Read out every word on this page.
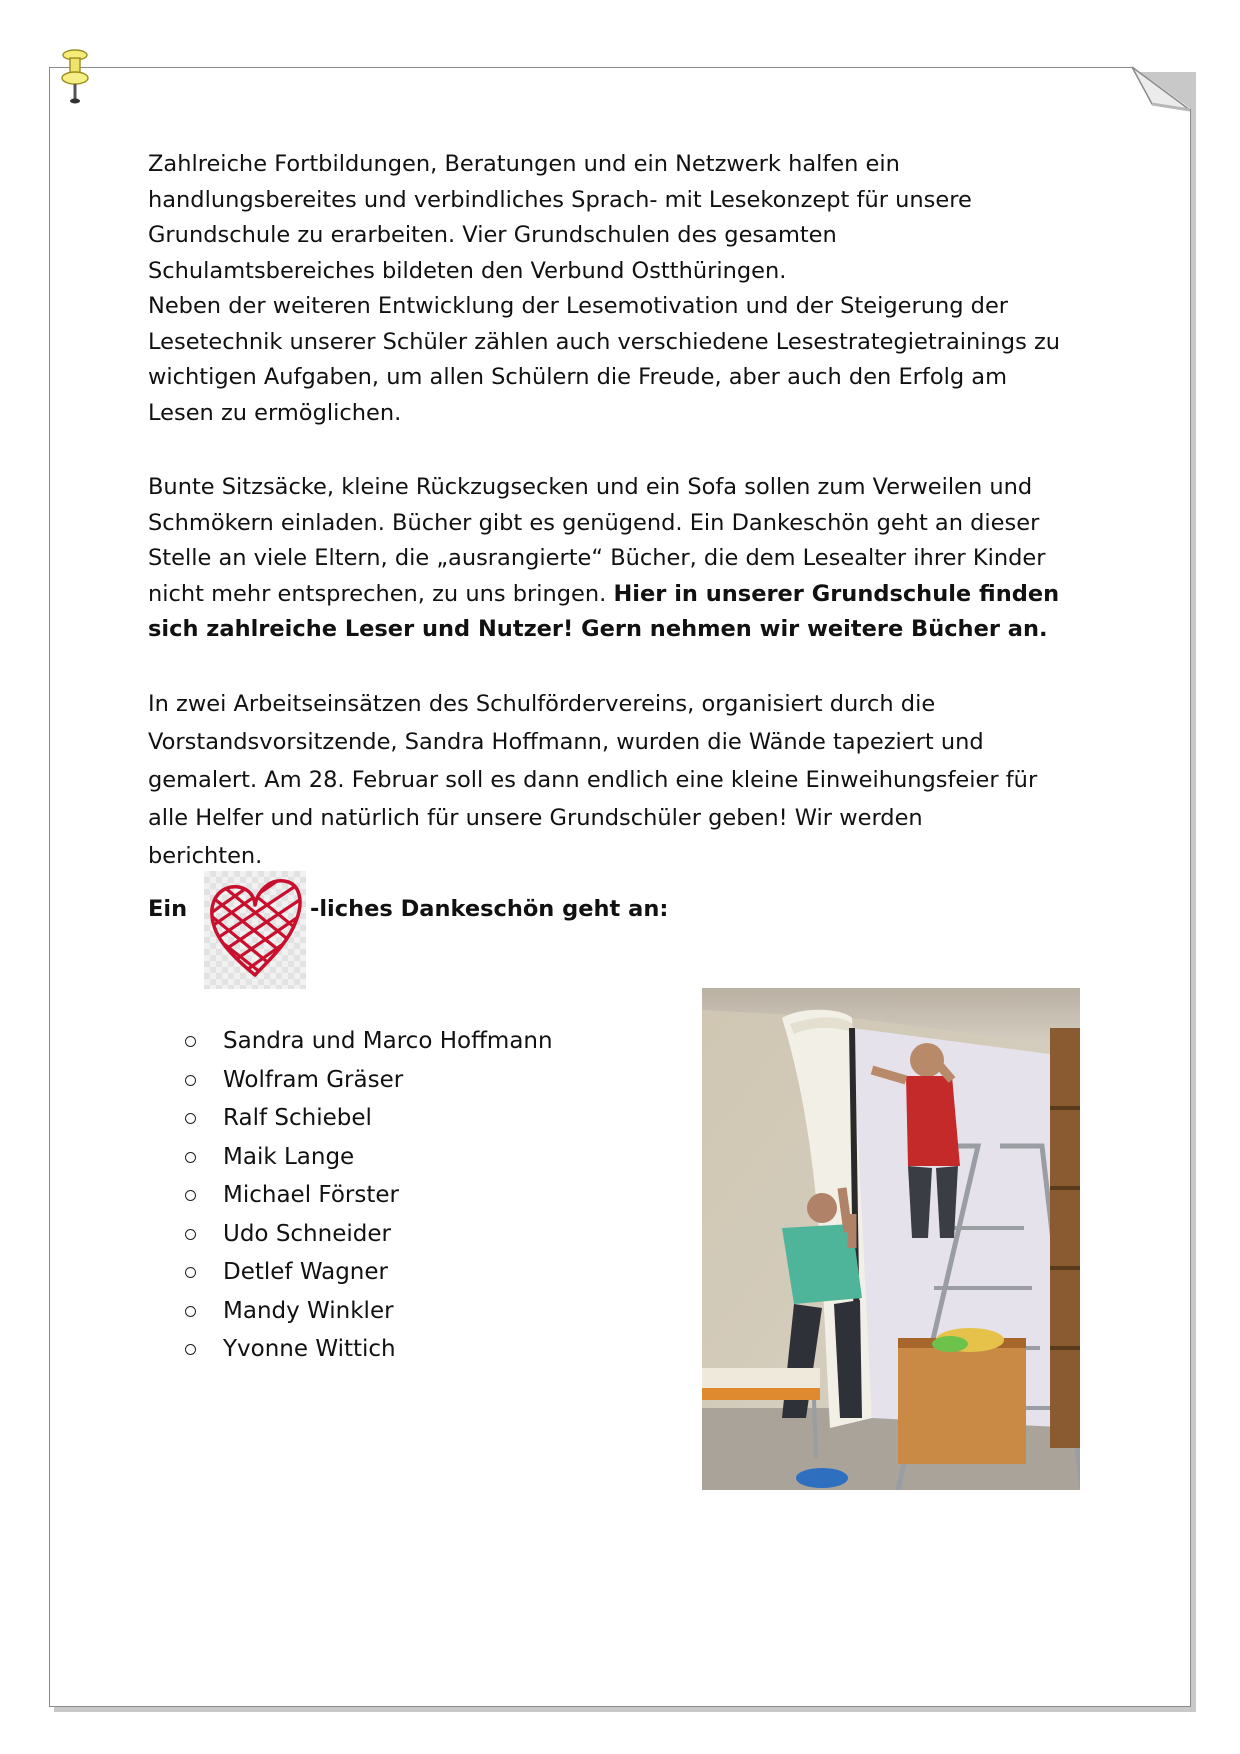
Zahlreiche Fortbildungen, Beratungen und ein Netzwerk halfen ein

handlungsbereites und verbindliches Sprach- mit Lesekonzept für unsere

Grundschule zu erarbeiten. Vier Grundschulen des gesamten

Schulamtsbereiches bildeten den Verbund Ostthüringen.

Neben der weiteren Entwicklung der Lesemotivation und der Steigerung der

Lesetechnik unserer Schüler zählen auch verschiedene Lesestrategietrainings zu

wichtigen Aufgaben, um allen Schülern die Freude, aber auch den Erfolg am

Lesen zu ermöglichen.

Bunte Sitzsäcke, kleine Rückzugsecken und ein Sofa sollen zum Verweilen und

Schmökern einladen. Bücher gibt es genügend. Ein Dankeschön geht an dieser

Stelle an viele Eltern, die „ausrangierte“ Bücher, die dem Lesealter ihrer Kinder

nicht mehr entsprechen, zu uns bringen. Hier in unserer Grundschule finden

sich zahlreiche Leser und Nutzer! Gern nehmen wir weitere Bücher an.

In zwei Arbeitseinsätzen des Schulfördervereins, organisiert durch die

Vorstandsvorsitzende, Sandra Hoffmann, wurden die Wände tapeziert und

gemalert. Am 28. Februar soll es dann endlich eine kleine Einweihungsfeier für

alle Helfer und natürlich für unsere Grundschüler geben! Wir werden

berichten.

Ein	-liches Dankeschön geht an:
Sandra und Marco Hoffmann
Wolfram Gräser
Ralf Schiebel
Maik Lange
Michael Förster
Udo Schneider
Detlef Wagner
Mandy Winkler
Yvonne Wittich
